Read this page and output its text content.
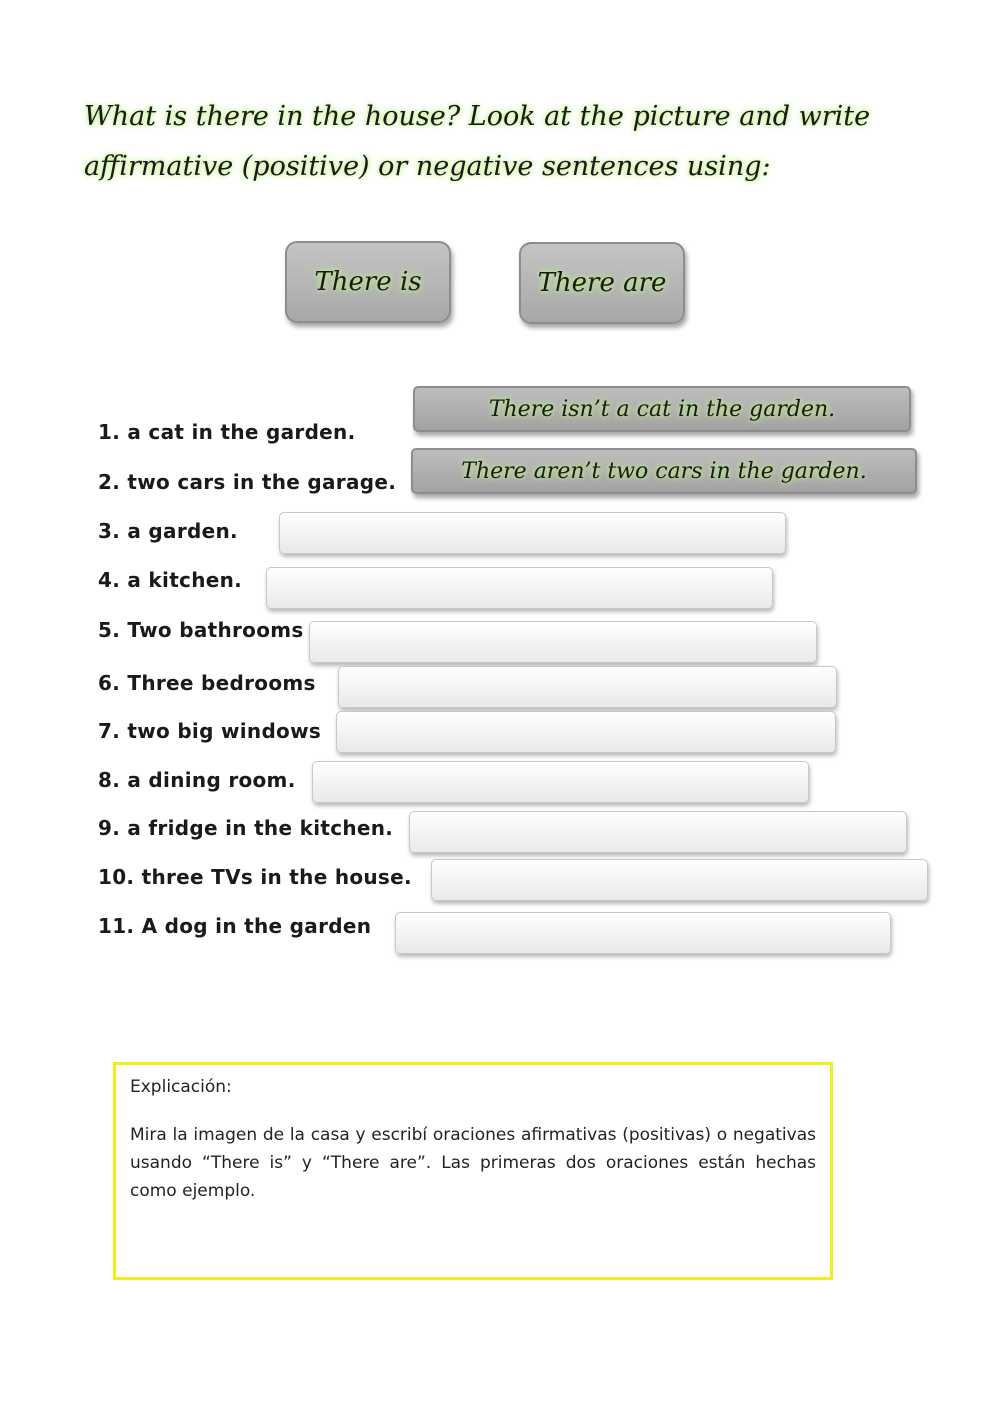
What is there in the house? Look at the picture and write
affirmative (positive) or negative sentences using:
There is	There are
1. a cat in the garden.
There isn’t a cat in the garden.
2. two cars in the garage.	There aren’t two cars in the garden.
3. a garden.
4. a kitchen.
5. Two bathrooms
6. Three bedrooms
7. two big windows
8. a dining room.
9. a fridge in the kitchen.
10. three TVs in the house.
11. A dog in the garden

Explicación:

Mira la imagen de la casa y escribí oraciones afirmativas (positivas) o negativas usando “There is” y “There are”. Las primeras dos oraciones están hechas como ejemplo.
